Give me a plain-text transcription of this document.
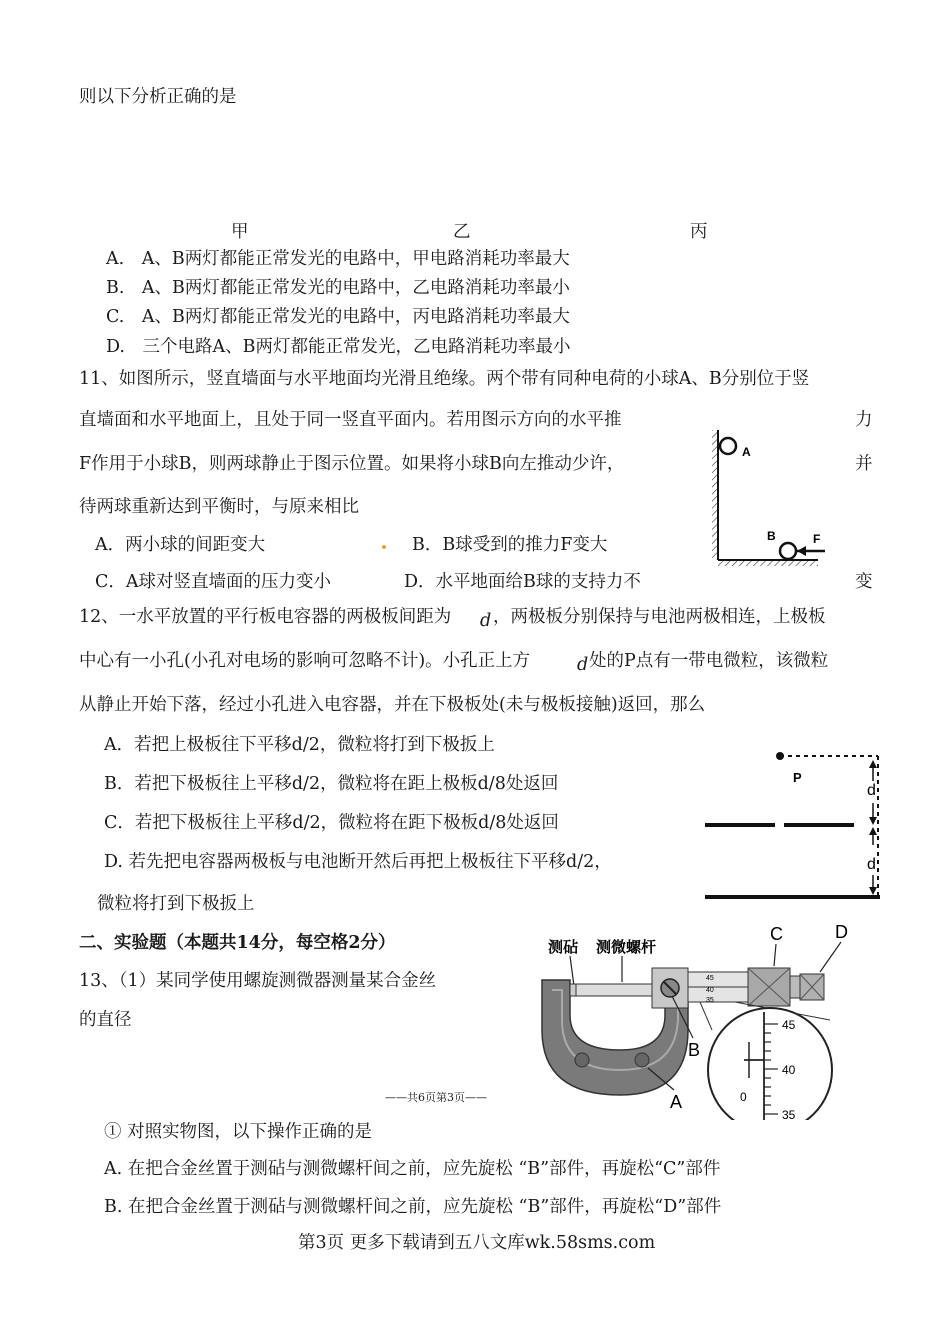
则以下分析正确的是
甲	乙	丙
A.　A、B两灯都能正常发光的电路中，甲电路消耗功率最大
B.　A、B两灯都能正常发光的电路中，乙电路消耗功率最小
C.　A、B两灯都能正常发光的电路中，丙电路消耗功率最大
D.　三个电路A、B两灯都能正常发光，乙电路消耗功率最小
11、如图所示，竖直墙面与水平地面均光滑且绝缘。两个带有同种电荷的小球A、B分别位于竖
直墙面和水平地面上，且处于同一竖直平面内。若用图示方向的水平推	力
F作用于小球B，则两球静止于图示位置。如果将小球B向左推动少许，	并
待两球重新达到平衡时，与原来相比
A．两小球的间距变大	B．B球受到的推力F变大
C．A球对竖直墙面的压力变小	D．水平地面给B球的支持力不	变
A
B	F
12、一水平放置的平行板电容器的两极板间距为 d ，两极板分别保持与电池两极相连，上极板
中心有一小孔(小孔对电场的影响可忽略不计)。小孔正上方	d 处的P点有一带电微粒，该微粒
从静止开始下落，经过小孔进入电容器，并在下极板处(未与极板接触)返回，那么
A．若把上极板往下平移d/2，微粒将打到下极扳上
B．若把下极板往上平移d/2，微粒将在距上极板d/8处返回
C．若把下极板往上平移d/2，微粒将在距下极板d/8处返回
D. 若先把电容器两极板与电池断开然后再把上极板往下平移d/2，
微粒将打到下极扳上
P
d
d
二、实验题（本题共14分，每空格2分）
13、（1）某同学使用螺旋测微器测量某合金丝
的直径
测砧 测微螺杆
45
40
35
C	D
B
A
45
40
0
35
——共6页第3页——
① 对照实物图，以下操作正确的是
A. 在把合金丝置于测砧与测微螺杆间之前，应先旋松 “B”部件，再旋松“C”部件
B. 在把合金丝置于测砧与测微螺杆间之前，应先旋松 “B”部件，再旋松“D”部件
第3页 更多下载请到五八文库wk.58sms.com
